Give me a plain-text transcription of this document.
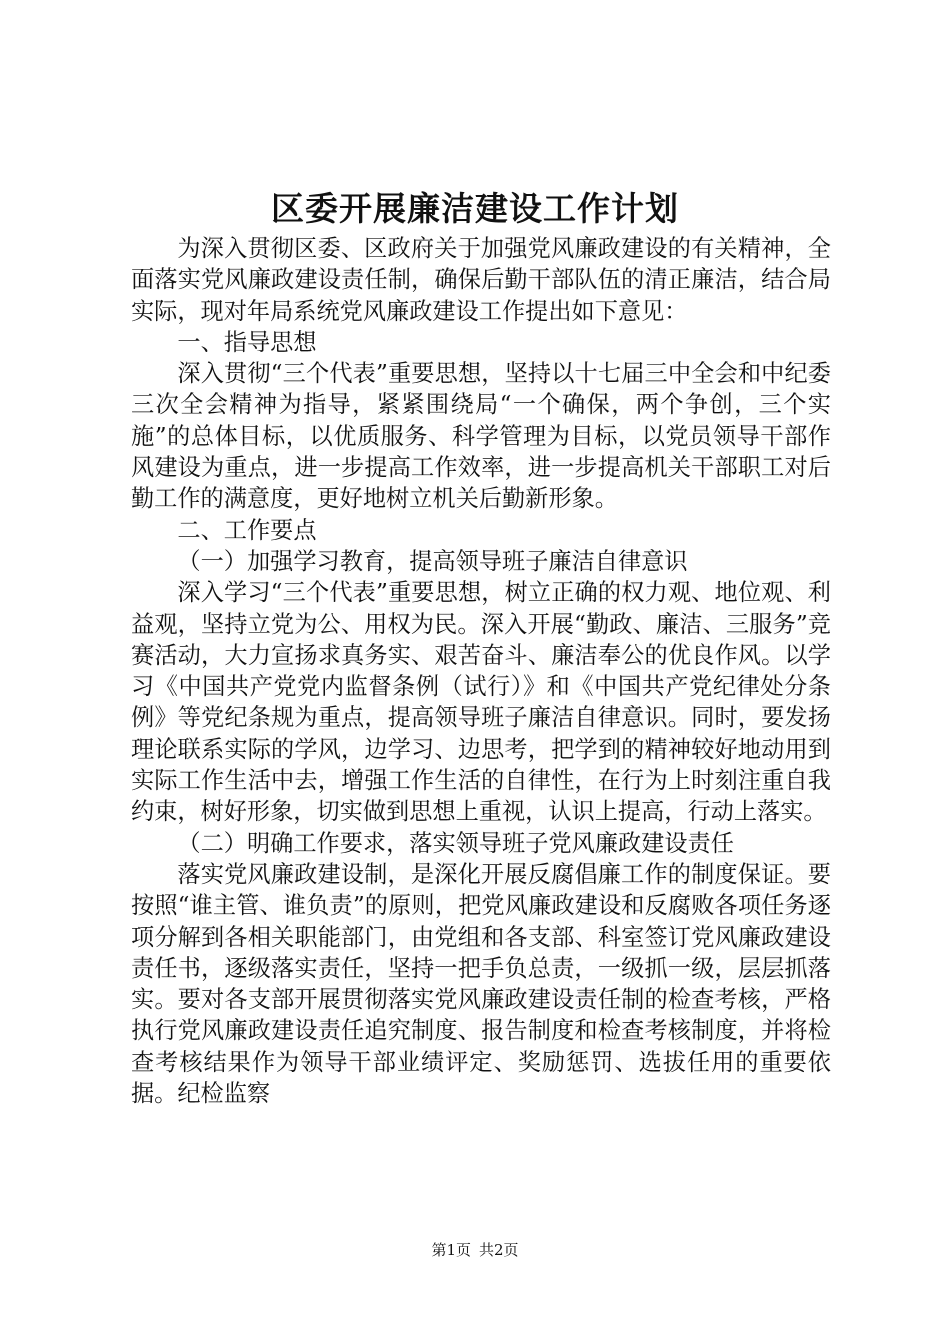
区委开展廉洁建设工作计划

为深入贯彻区委、区政府关于加强党风廉政建设的有关精神，全面落实党风廉政建设责任制，确保后勤干部队伍的清正廉洁，结合局实际，现对年局系统党风廉政建设工作提出如下意见：

一、指导思想

深入贯彻“三个代表”重要思想，坚持以十七届三中全会和中纪委三次全会精神为指导，紧紧围绕局“一个确保，两个争创，三个实施”的总体目标，以优质服务、科学管理为目标，以党员领导干部作风建设为重点，进一步提高工作效率，进一步提高机关干部职工对后勤工作的满意度，更好地树立机关后勤新形象。

二、工作要点

（一）加强学习教育，提高领导班子廉洁自律意识

深入学习“三个代表”重要思想，树立正确的权力观、地位观、利益观，坚持立党为公、用权为民。深入开展“勤政、廉洁、三服务”竞赛活动，大力宣扬求真务实、艰苦奋斗、廉洁奉公的优良作风。以学习《中国共产党党内监督条例（试行）》和《中国共产党纪律处分条例》等党纪条规为重点，提高领导班子廉洁自律意识。同时，要发扬理论联系实际的学风，边学习、边思考，把学到的精神较好地动用到实际工作生活中去，增强工作生活的自律性，在行为上时刻注重自我约束，树好形象，切实做到思想上重视，认识上提高，行动上落实。

（二）明确工作要求，落实领导班子党风廉政建设责任

落实党风廉政建设制，是深化开展反腐倡廉工作的制度保证。要按照“谁主管、谁负责”的原则，把党风廉政建设和反腐败各项任务逐项分解到各相关职能部门，由党组和各支部、科室签订党风廉政建设责任书，逐级落实责任，坚持一把手负总责，一级抓一级，层层抓落实。要对各支部开展贯彻落实党风廉政建设责任制的检查考核，严格执行党风廉政建设责任追究制度、报告制度和检查考核制度，并将检查考核结果作为领导干部业绩评定、奖励惩罚、选拔任用的重要依据。纪检监察

第1页 共2页
